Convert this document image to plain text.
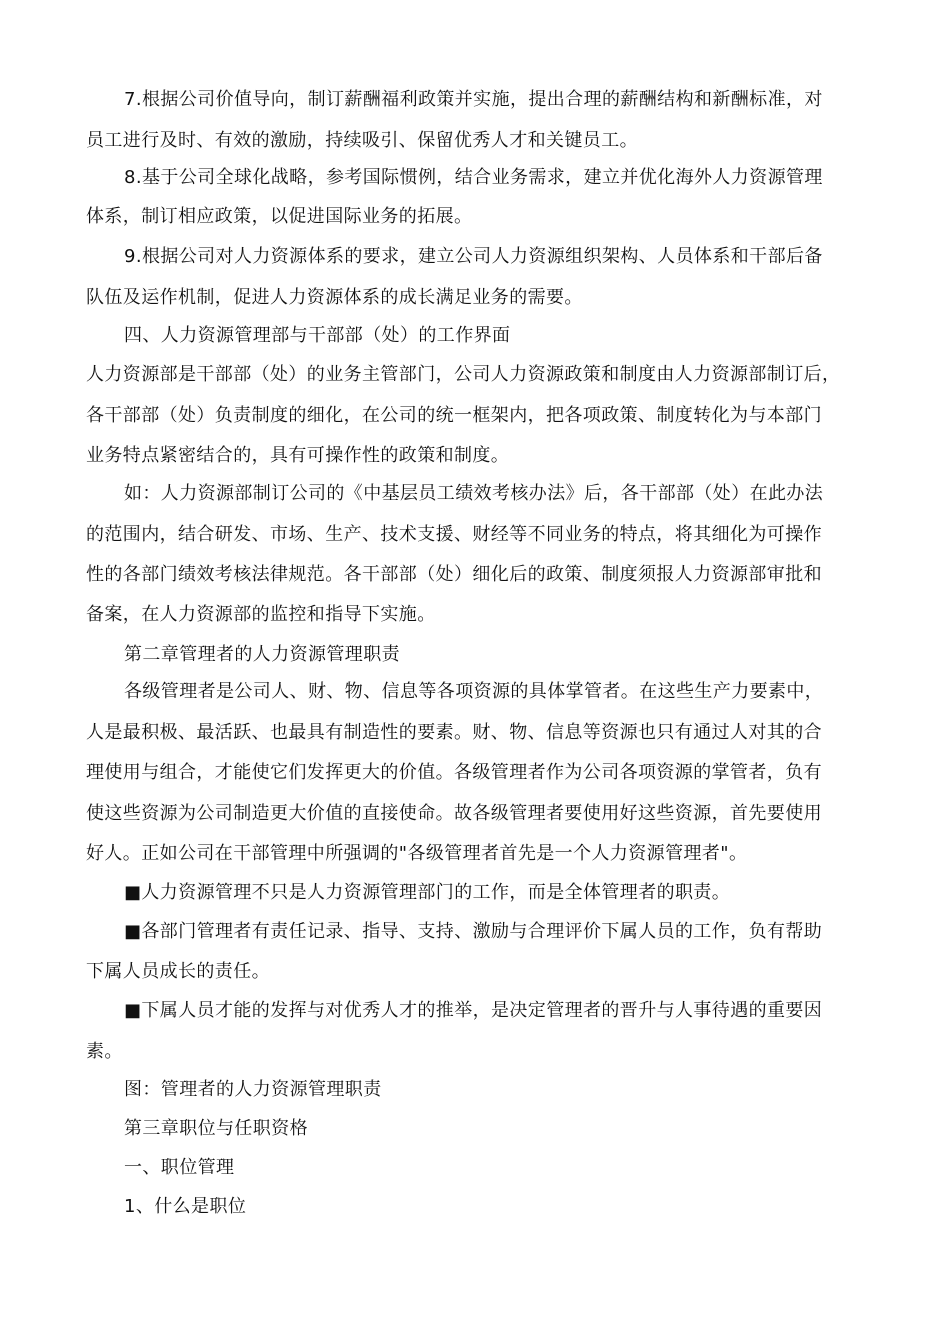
7.根据公司价值导向，制订薪酬福利政策并实施，提出合理的薪酬结构和新酬标准，对
员工进行及时、有效的激励，持续吸引、保留优秀人才和关键员工。
8.基于公司全球化战略，参考国际惯例，结合业务需求，建立并优化海外人力资源管理
体系，制订相应政策，以促进国际业务的拓展。
9.根据公司对人力资源体系的要求，建立公司人力资源组织架构、人员体系和干部后备
队伍及运作机制，促进人力资源体系的成长满足业务的需要。
四、人力资源管理部与干部部（处）的工作界面
人力资源部是干部部（处）的业务主管部门，公司人力资源政策和制度由人力资源部制订后，
各干部部（处）负责制度的细化，在公司的统一框架内，把各项政策、制度转化为与本部门
业务特点紧密结合的，具有可操作性的政策和制度。
如：人力资源部制订公司的《中基层员工绩效考核办法》后，各干部部（处）在此办法
的范围内，结合研发、市场、生产、技术支援、财经等不同业务的特点，将其细化为可操作
性的各部门绩效考核法律规范。各干部部（处）细化后的政策、制度须报人力资源部审批和
备案，在人力资源部的监控和指导下实施。
第二章管理者的人力资源管理职责
各级管理者是公司人、财、物、信息等各项资源的具体掌管者。在这些生产力要素中，
人是最积极、最活跃、也最具有制造性的要素。财、物、信息等资源也只有通过人对其的合
理使用与组合，才能使它们发挥更大的价值。各级管理者作为公司各项资源的掌管者，负有
使这些资源为公司制造更大价值的直接使命。故各级管理者要使用好这些资源，首先要使用
好人。正如公司在干部管理中所强调的"各级管理者首先是一个人力资源管理者"。
■人力资源管理不只是人力资源管理部门的工作，而是全体管理者的职责。
■各部门管理者有责任记录、指导、支持、激励与合理评价下属人员的工作，负有帮助
下属人员成长的责任。
■下属人员才能的发挥与对优秀人才的推举，是决定管理者的晋升与人事待遇的重要因
素。
图：管理者的人力资源管理职责
第三章职位与任职资格
一、职位管理
1、什么是职位
